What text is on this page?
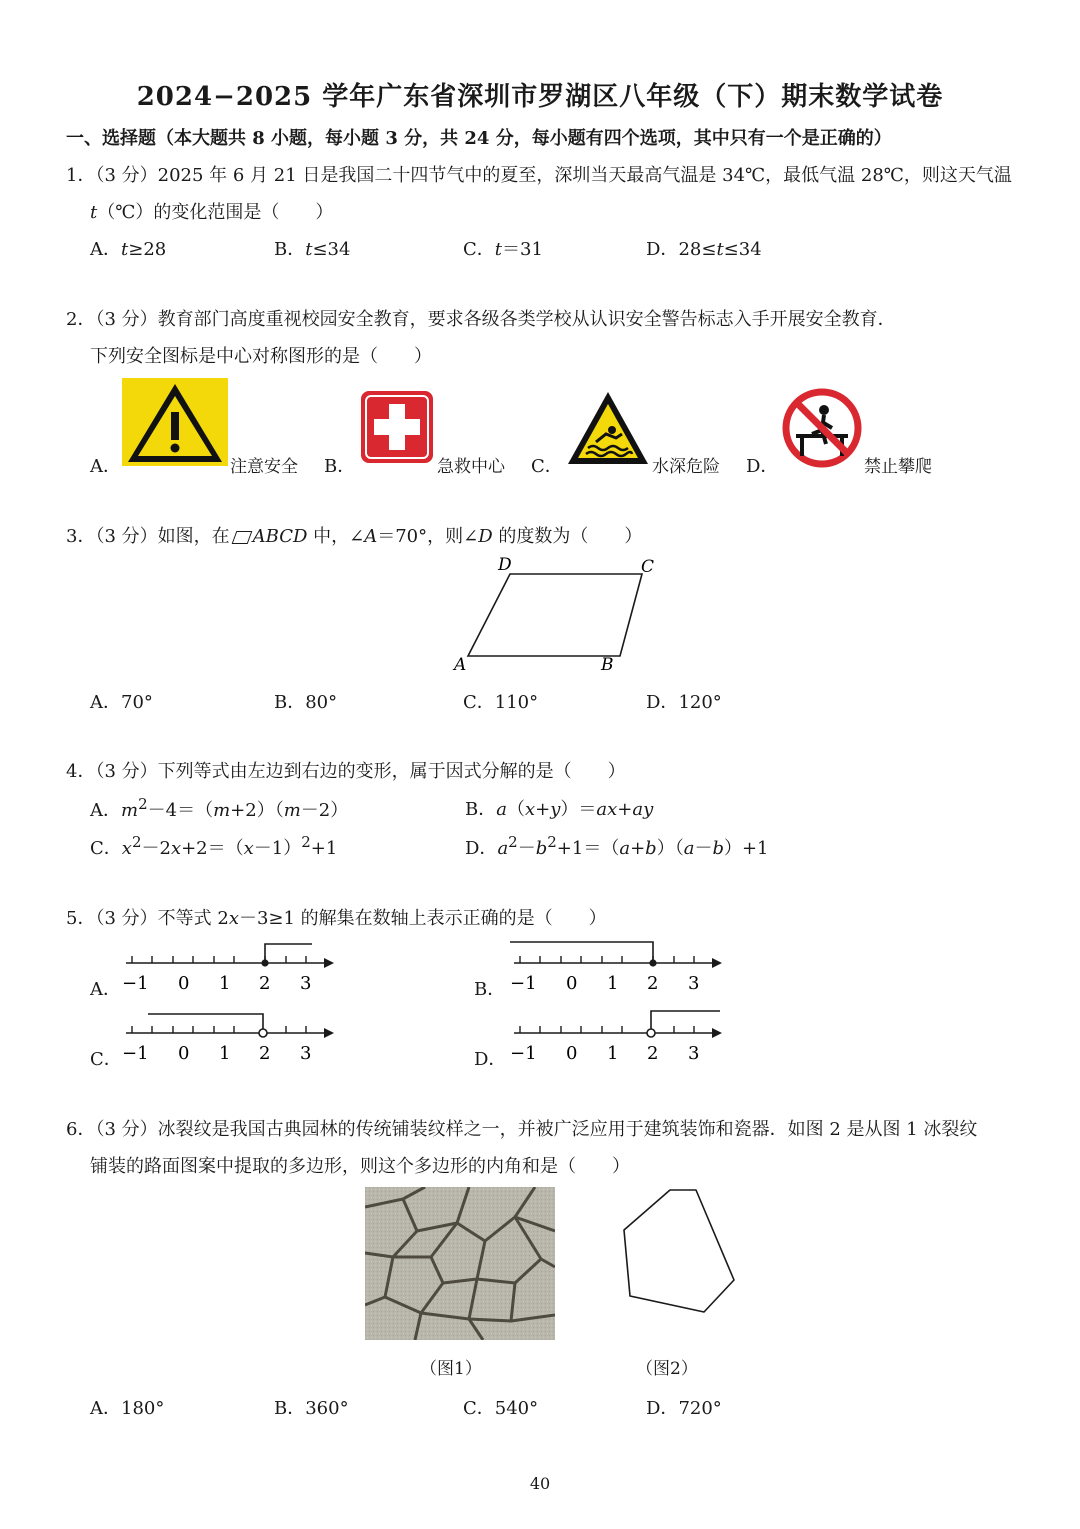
2024−2025 学年广东省深圳市罗湖区八年级（下）期末数学试卷
一、选择题（本大题共 8 小题，每小题 3 分，共 24 分，每小题有四个选项，其中只有一个是正确的）
1．（3 分）2025 年 6 月 21 日是我国二十四节气中的夏至，深圳当天最高气温是 34℃，最低气温 28℃，则这天气温
t（℃）的变化范围是（　　）
A．t≥28	B．t≤34	C．t＝31	D．28≤t≤34
2．（3 分）教育部门高度重视校园安全教育，要求各级各类学校从认识安全警告标志入手开展安全教育．
下列安全图标是中心对称图形的是（　　）
A．	注意安全 B．	急救中心 C．	水深危险 D．	禁止攀爬
3．（3 分）如图，在 ABCD 中，∠A＝70°，则∠D 的度数为（　　）
A	B
C
D
A．70°	B．80°	C．110°	D．120°
4．（3 分）下列等式由左边到右边的变形，属于因式分解的是（　　）
A．$m^2-4=(m+2)(m-2)$	B．a（x+y）＝ax+ay
C．$x^2-2x+2=(x-1)^2+1$	D．$a^2-b^2+1=(a+b)(a-b)+1$
5．（3 分）不等式 2x－3≥1 的解集在数轴上表示正确的是（　　）
A． −1 0 1 2 3	B． −1 0 1 2 3
C． −1 0 1 2 3	D． −1 0 1 2 3
6．（3 分）冰裂纹是我国古典园林的传统铺装纹样之一，并被广泛应用于建筑装饰和瓷器．如图 2 是从图 1 冰裂纹
铺装的路面图案中提取的多边形，则这个多边形的内角和是（　　）
（图1）	（图2）
A．180°	B．360°	C．540°	D．720°
40
